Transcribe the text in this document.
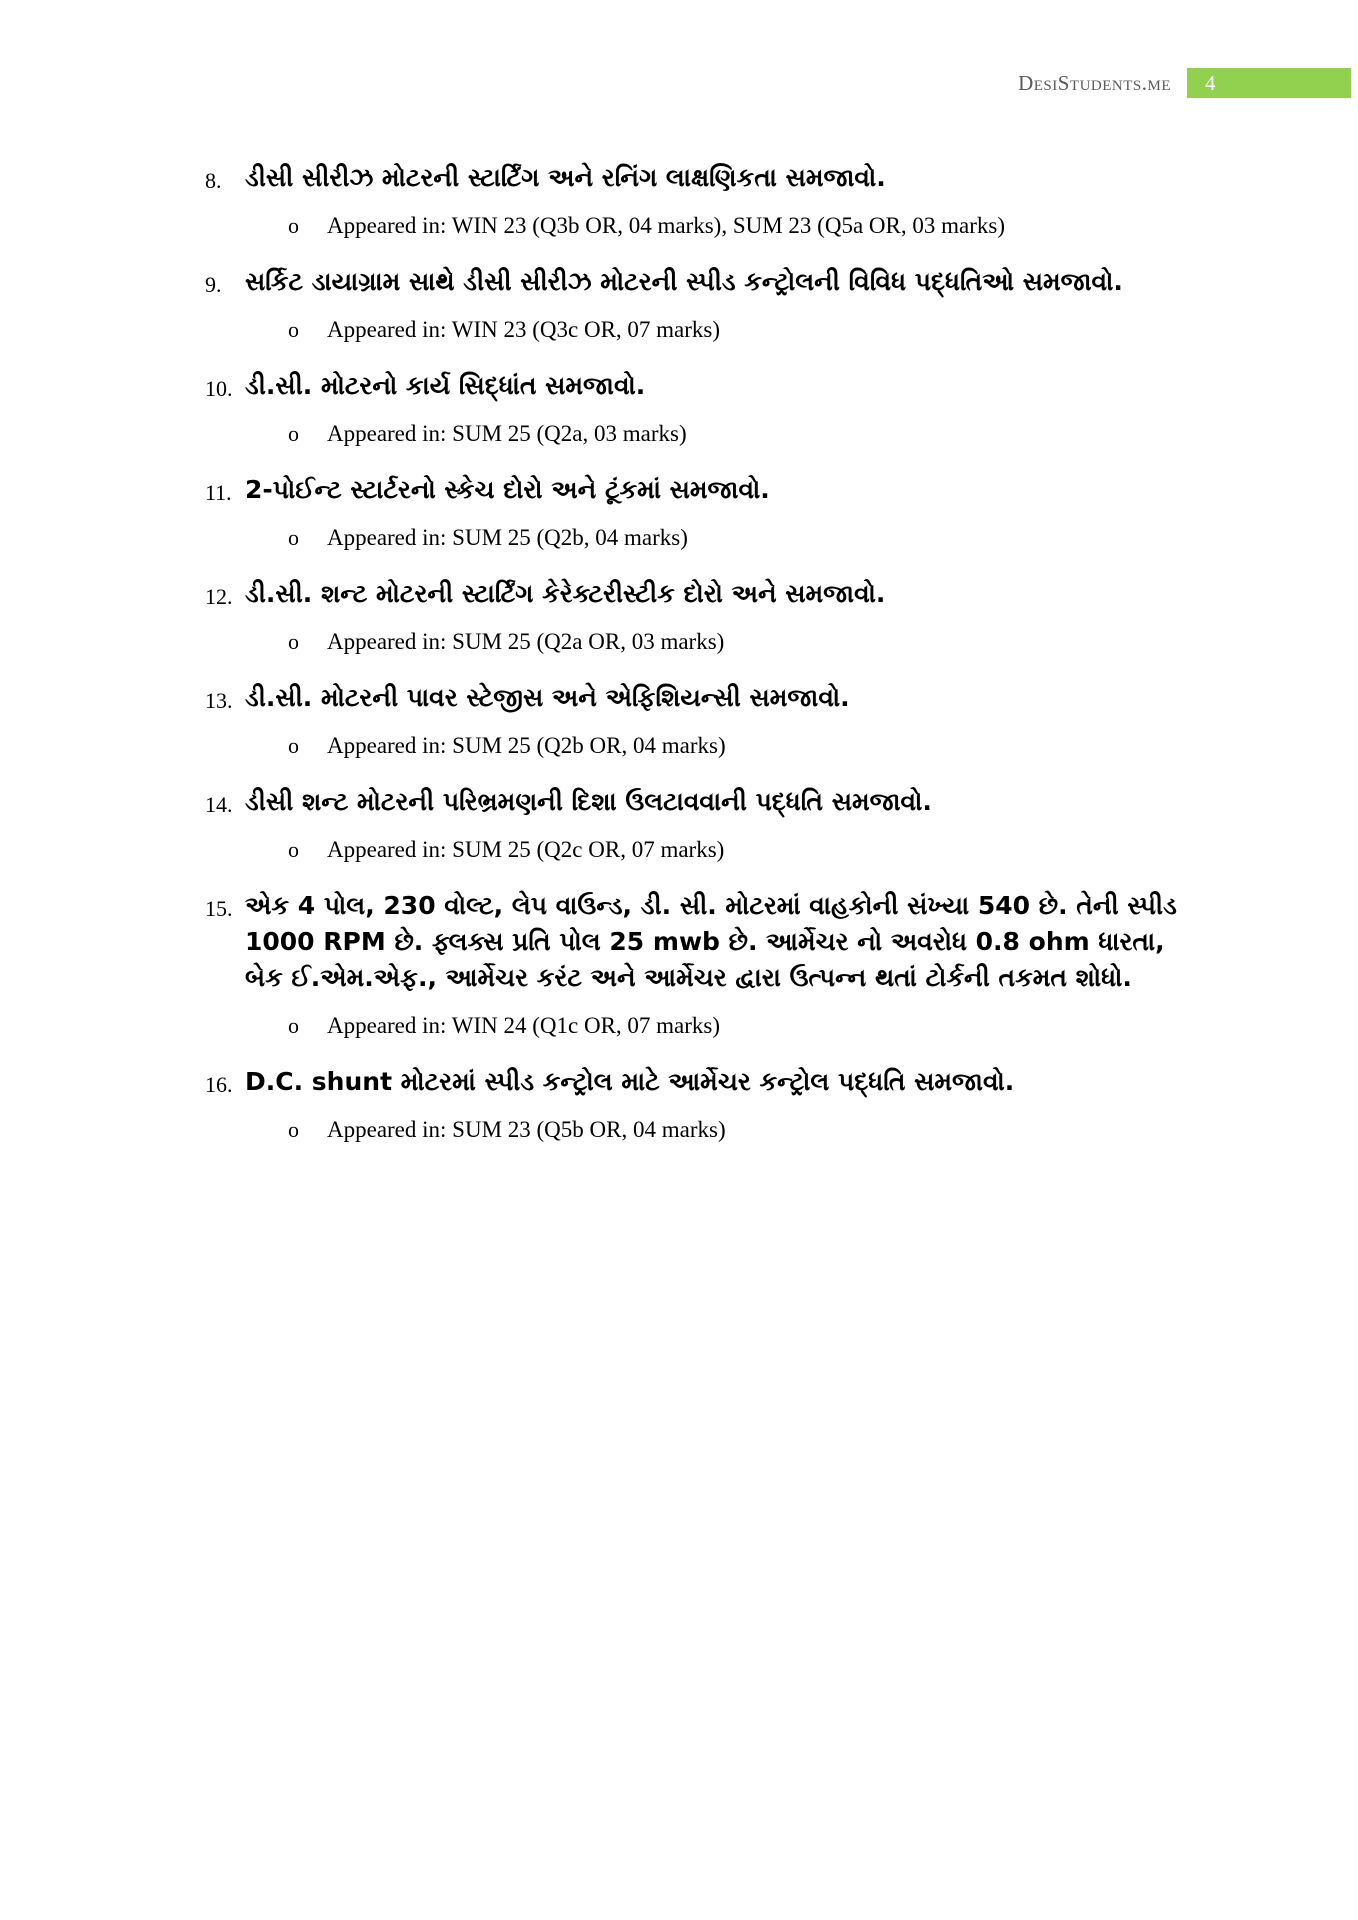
DesiStudents.me 4
8. ડીસી સીરીઝ મોટરની સ્ટાર્ટિંગ અને રનિંગ લાક્ષણિકતા સમજાવો.
o Appeared in: WIN 23 (Q3b OR, 04 marks), SUM 23 (Q5a OR, 03 marks)
9. સર્કિટ ડાયાગ્રામ સાથે ડીસી સીરીઝ મોટરની સ્પીડ કન્ટ્રોલની વિવિધ પદ્ધતિઓ સમજાવો.
o Appeared in: WIN 23 (Q3c OR, 07 marks)
10. ડી.સી. મોટરનો કાર્ય સિદ્ધાંત સમજાવો.
o Appeared in: SUM 25 (Q2a, 03 marks)
11. 2-પોઈન્ટ સ્ટાર્ટરનો સ્કેચ દોરો અને ટૂંકમાં સમજાવો.
o Appeared in: SUM 25 (Q2b, 04 marks)
12. ડી.સી. શન્ટ મોટરની સ્ટાર્ટિંગ કેરેક્ટરીસ્ટીક દોરો અને સમજાવો.
o Appeared in: SUM 25 (Q2a OR, 03 marks)
13. ડી.સી. મોટરની પાવર સ્ટેજીસ અને એફિશિયન્સી સમજાવો.
o Appeared in: SUM 25 (Q2b OR, 04 marks)
14. ડીસી શન્ટ મોટરની પરિભ્રમણની દિશા ઉલટાવવાની પદ્ધતિ સમજાવો.
o Appeared in: SUM 25 (Q2c OR, 07 marks)
15. એક 4 પોલ, 230 વોલ્ટ, લેપ વાઉન્ડ, ડી. સી. મોટરમાં વાહકોની સંખ્યા 540 છે. તેની સ્પીડ 1000 RPM છે. ફ્લક્સ પ્રતિ પોલ 25 mwb છે. આર્મેચર નો અવરોધ 0.8 ohm ધારતા, બેક ઈ.એમ.એફ., આર્મેચર કરંટ અને આર્મેચર દ્વારા ઉત્પન્ન થતાં ટોર્કની તકમત શોધો.
o Appeared in: WIN 24 (Q1c OR, 07 marks)
16. D.C. shunt મોટરમાં સ્પીડ કન્ટ્રોલ માટે આર્મેચર કન્ટ્રોલ પદ્ધતિ સમજાવો.
o Appeared in: SUM 23 (Q5b OR, 04 marks)
